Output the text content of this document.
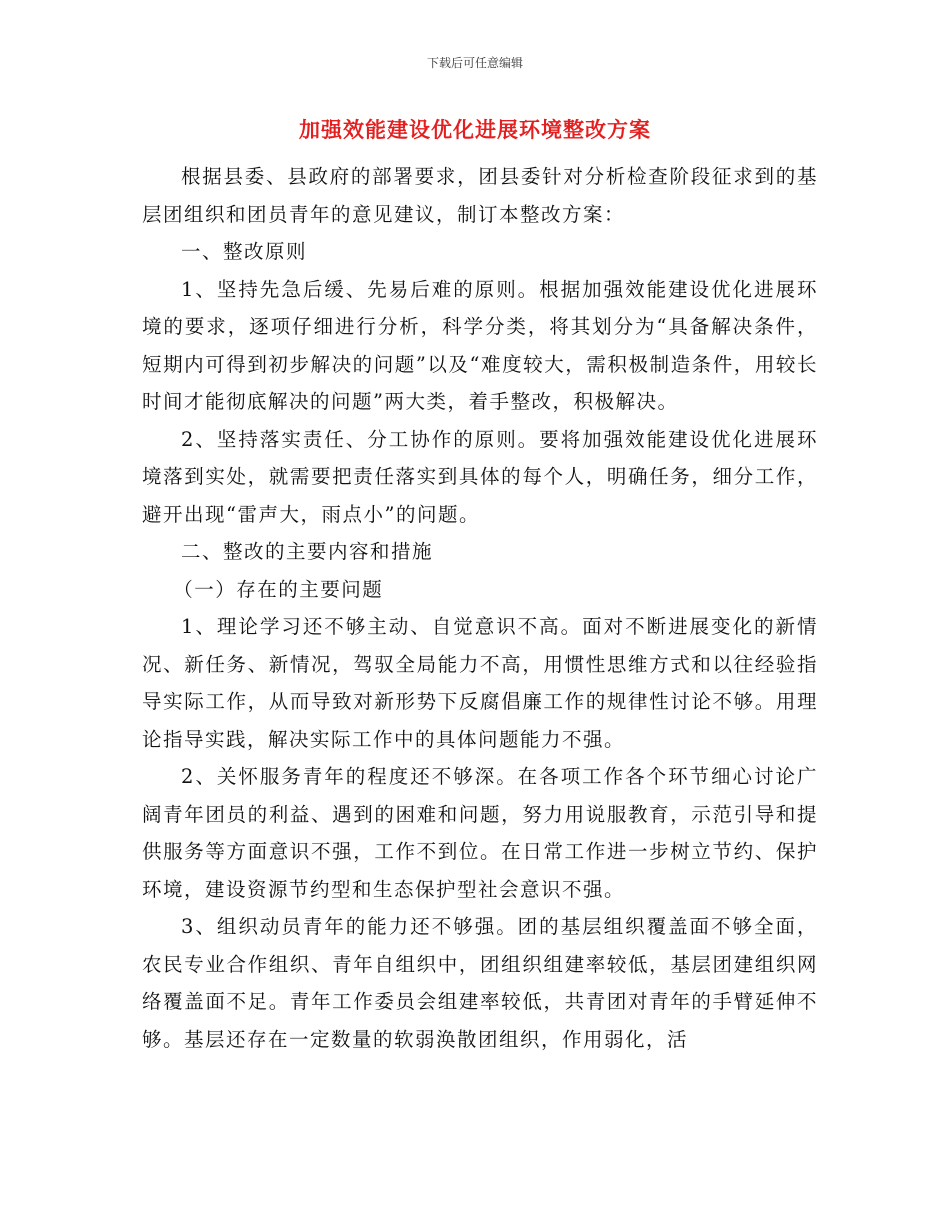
下载后可任意编辑
加强效能建设优化进展环境整改方案

根据县委、县政府的部署要求，团县委针对分析检查阶段征求到的基层团组织和团员青年的意见建议，制订本整改方案：

一、整改原则

1、坚持先急后缓、先易后难的原则。根据加强效能建设优化进展环境的要求，逐项仔细进行分析，科学分类，将其划分为“具备解决条件，短期内可得到初步解决的问题”以及“难度较大，需积极制造条件，用较长时间才能彻底解决的问题”两大类，着手整改，积极解决。

2、坚持落实责任、分工协作的原则。要将加强效能建设优化进展环境落到实处，就需要把责任落实到具体的每个人，明确任务，细分工作，避开出现“雷声大，雨点小”的问题。

二、整改的主要内容和措施

（一）存在的主要问题

1、理论学习还不够主动、自觉意识不高。面对不断进展变化的新情况、新任务、新情况，驾驭全局能力不高，用惯性思维方式和以往经验指导实际工作，从而导致对新形势下反腐倡廉工作的规律性讨论不够。用理论指导实践，解决实际工作中的具体问题能力不强。

2、关怀服务青年的程度还不够深。在各项工作各个环节细心讨论广阔青年团员的利益、遇到的困难和问题，努力用说服教育，示范引导和提供服务等方面意识不强，工作不到位。在日常工作进一步树立节约、保护环境，建设资源节约型和生态保护型社会意识不强。

3、组织动员青年的能力还不够强。团的基层组织覆盖面不够全面，农民专业合作组织、青年自组织中，团组织组建率较低，基层团建组织网络覆盖面不足。青年工作委员会组建率较低，共青团对青年的手臂延伸不够。基层还存在一定数量的软弱涣散团组织，作用弱化，活
